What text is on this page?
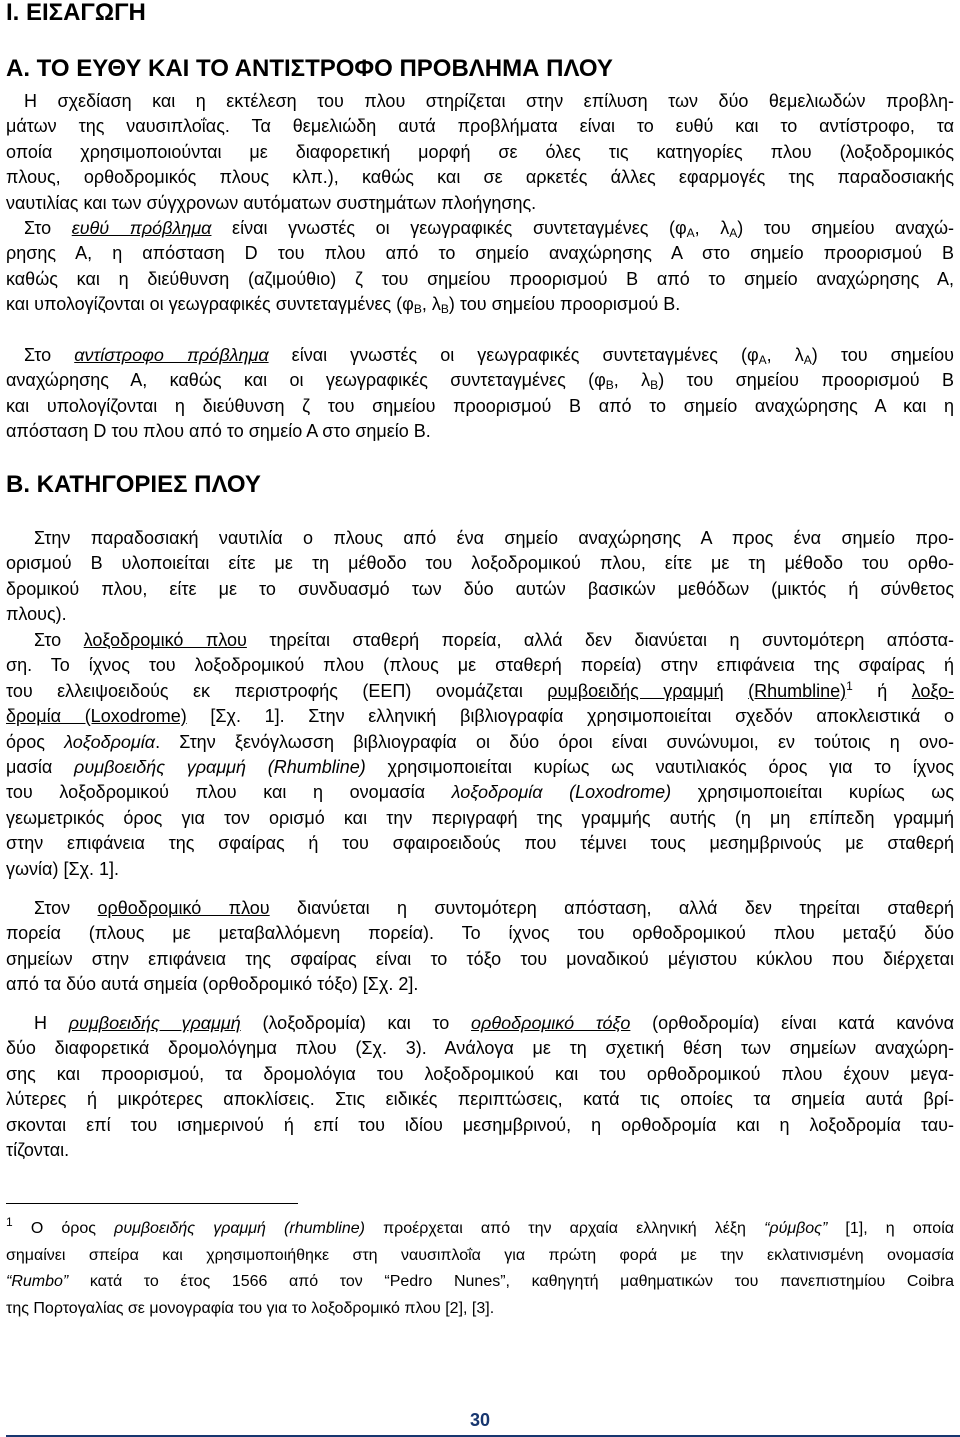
Ι. ΕΙΣΑΓΩΓΗ
Α. ΤΟ ΕΥΘΥ ΚΑΙ ΤΟ ΑΝΤΙΣΤΡΟΦΟ ΠΡΟΒΛΗΜΑ ΠΛΟΥ

Η σχεδίαση και η εκτέλεση του πλου στηρίζεται στην επίλυση των δύο θεμελιωδών προβλη-
μάτων της ναυσιπλοΐας. Τα θεμελιώδη αυτά προβλήματα είναι το ευθύ και το αντίστροφο, τα
οποία χρησιμοποιούνται με διαφορετική μορφή σε όλες τις κατηγορίες πλου (λοξοδρομικός
πλους, ορθοδρομικός πλους κλπ.), καθώς και σε αρκετές άλλες εφαρμογές της παραδοσιακής
ναυτιλίας και των σύγχρονων αυτόματων συστημάτων πλοήγησης.

Στο ευθύ πρόβλημα είναι γνωστές οι γεωγραφικές συντεταγμένες ($\varphi_A$, $\lambda_A$) του σημείου αναχώ-
ρησης Α, η απόσταση D του πλου από το σημείο αναχώρησης Α στο σημείο προορισμού Β
καθώς και η διεύθυνση (αζιμούθιο) ζ του σημείου προορισμού Β από το σημείο αναχώρησης Α,
και υπολογίζονται οι γεωγραφικές συντεταγμένες ($\varphi_B$, $\lambda_B$) του σημείου προορισμού Β.

Στο αντίστροφο πρόβλημα είναι γνωστές οι γεωγραφικές συντεταγμένες ($\varphi_A$, $\lambda_A$) του σημείου
αναχώρησης Α, καθώς και οι γεωγραφικές συντεταγμένες ($\varphi_B$, $\lambda_B$) του σημείου προορισμού Β
και υπολογίζονται η διεύθυνση ζ του σημείου προορισμού Β από το σημείο αναχώρησης Α και η
απόσταση D του πλου από το σημείο Α στο σημείο Β.

Β. ΚΑΤΗΓΟΡΙΕΣ ΠΛΟΥ

Στην παραδοσιακή ναυτιλία ο πλους από ένα σημείο αναχώρησης Α προς ένα σημείο προ-
ορισμού Β υλοποιείται είτε με τη μέθοδο του λοξοδρομικού πλου, είτε με τη μέθοδο του ορθο-
δρομικού πλου, είτε με το συνδυασμό των δύο αυτών βασικών μεθόδων (μικτός ή σύνθετος
πλους).

Στο λοξοδρομικό πλου τηρείται σταθερή πορεία, αλλά δεν διανύεται η συντομότερη απόστα-
ση. Το ίχνος του λοξοδρομικού πλου (πλους με σταθερή πορεία) στην επιφάνεια της σφαίρας ή
του ελλειψοειδούς εκ περιστροφής (ΕΕΠ) ονομάζεται ρυμβοειδής γραμμή (Rhumbline)$^1$ ή λοξο-
δρομία (Loxodrome) [Σχ. 1]. Στην ελληνική βιβλιογραφία χρησιμοποιείται σχεδόν αποκλειστικά ο
όρος λοξοδρομία. Στην ξενόγλωσση βιβλιογραφία οι δύο όροι είναι συνώνυμοι, εν τούτοις η ονο-
μασία ρυμβοειδής γραμμή (Rhumbline) χρησιμοποιείται κυρίως ως ναυτιλιακός όρος για το ίχνος
του λοξοδρομικού πλου και η ονομασία λοξοδρομία (Loxodrome) χρησιμοποιείται κυρίως ως
γεωμετρικός όρος για τον ορισμό και την περιγραφή της γραμμής αυτής (η μη επίπεδη γραμμή
στην επιφάνεια της σφαίρας ή του σφαιροειδούς που τέμνει τους μεσημβρινούς με σταθερή
γωνία) [Σχ. 1].

Στον ορθοδρομικό πλου διανύεται η συντομότερη απόσταση, αλλά δεν τηρείται σταθερή
πορεία (πλους με μεταβαλλόμενη πορεία). Το ίχνος του ορθοδρομικού πλου μεταξύ δύο
σημείων στην επιφάνεια της σφαίρας είναι το τόξο του μοναδικού μέγιστου κύκλου που διέρχεται
από τα δύο αυτά σημεία (ορθοδρομικό τόξο) [Σχ. 2].

Η ρυμβοειδής γραμμή (λοξοδρομία) και το ορθοδρομικό τόξο (ορθοδρομία) είναι κατά κανόνα
δύο διαφορετικά δρομολόγημα πλου (Σχ. 3). Ανάλογα με τη σχετική θέση των σημείων αναχώρη-
σης και προορισμού, τα δρομολόγια του λοξοδρομικού και του ορθοδρομικού πλου έχουν μεγα-
λύτερες ή μικρότερες αποκλίσεις. Στις ειδικές περιπτώσεις, κατά τις οποίες τα σημεία αυτά βρί-
σκονται επί του ισημερινού ή επί του ιδίου μεσημβρινού, η ορθοδρομία και η λοξοδρομία ταυ-
τίζονται.

$^1$ Ο όρος ρυμβοειδής γραμμή (rhumbline) προέρχεται από την αρχαία ελληνική λέξη “ρύμβος” [1], η οποία
σημαίνει σπείρα και χρησιμοποιήθηκε στη ναυσιπλοΐα για πρώτη φορά με την εκλατινισμένη ονομασία
“Rumbo” κατά το έτος 1566 από τον “Pedro Nunes”, καθηγητή μαθηματικών του πανεπιστημίου Coibra
της Πορτογαλίας σε μονογραφία του για το λοξοδρομικό πλου [2], [3].

30
